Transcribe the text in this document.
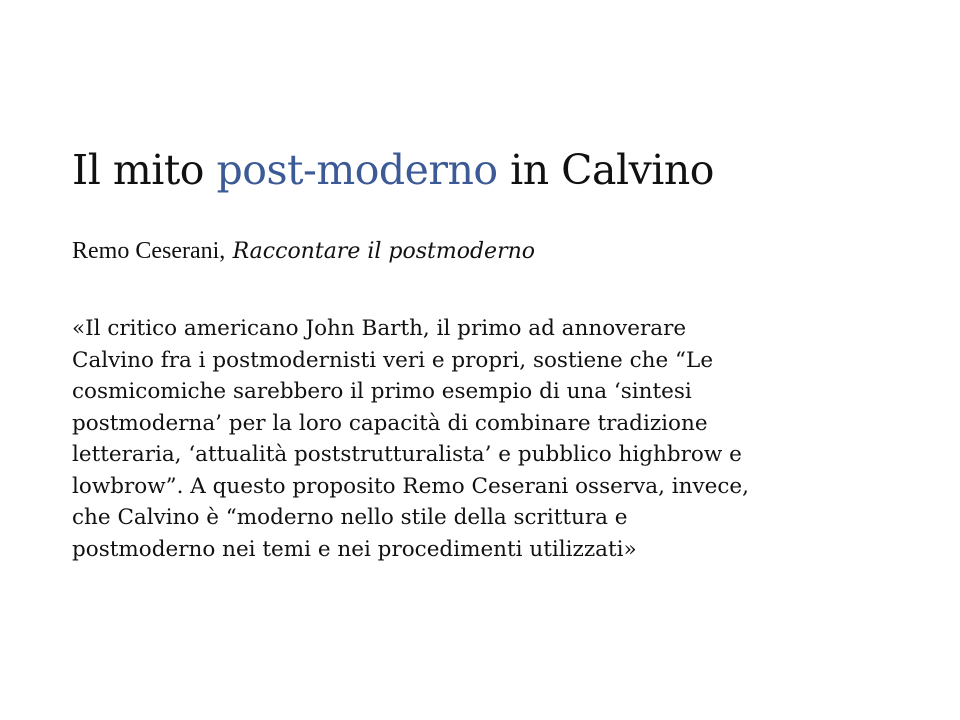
Il mito post-moderno in Calvino

Remo Ceserani, Raccontare il postmoderno

«Il critico americano John Barth, il primo ad annoverare
Calvino fra i postmodernisti veri e propri, sostiene che “Le
cosmicomiche sarebbero il primo esempio di una ‘sintesi
postmoderna’ per la loro capacità di combinare tradizione
letteraria, ‘attualità poststrutturalista’ e pubblico highbrow e
lowbrow”. A questo proposito Remo Ceserani osserva, invece,
che Calvino è “moderno nello stile della scrittura e
postmoderno nei temi e nei procedimenti utilizzati»
